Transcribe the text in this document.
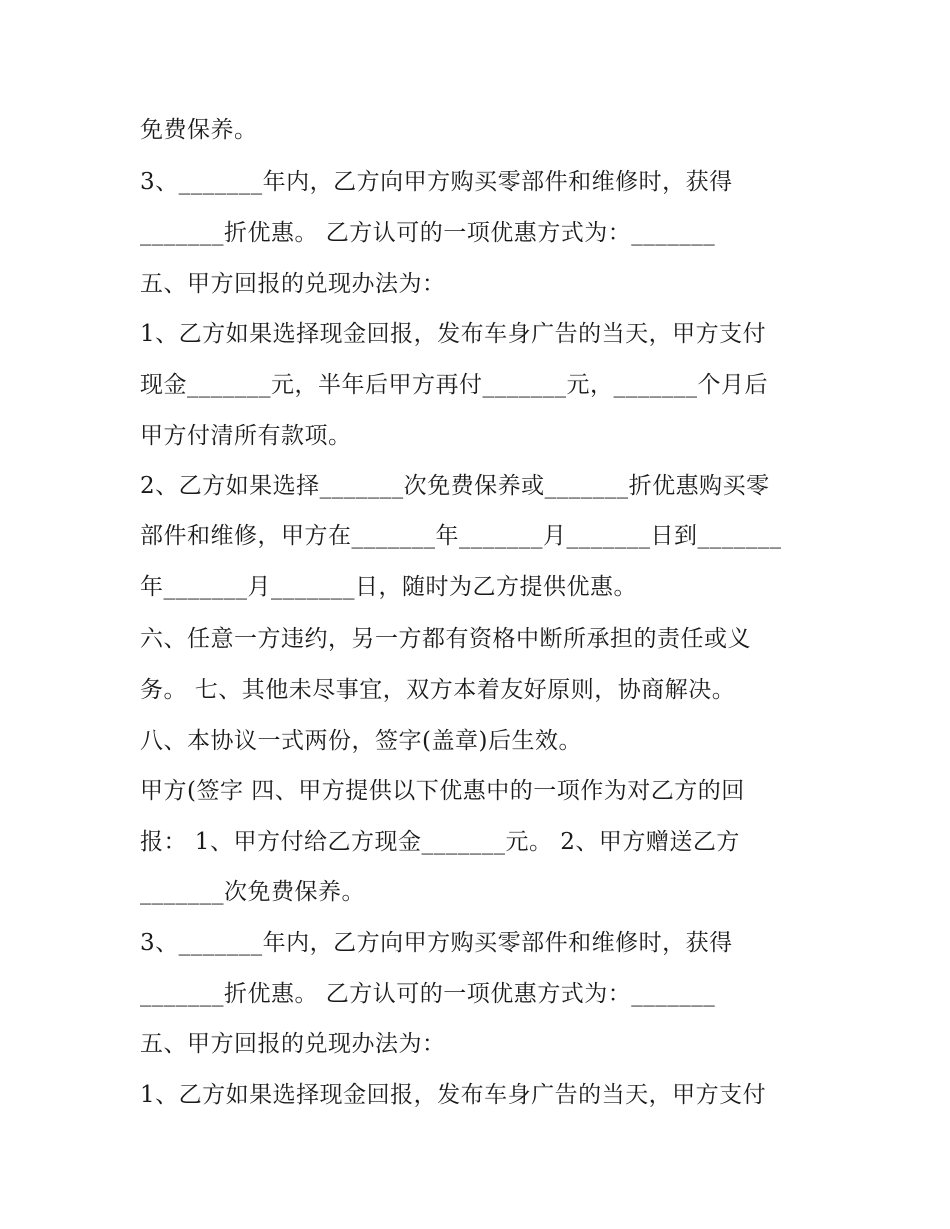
免费保养。
3、_______年内，乙方向甲方购买零部件和维修时，获得
_______折优惠。 乙方认可的一项优惠方式为：_______
五、甲方回报的兑现办法为：
1、乙方如果选择现金回报，发布车身广告的当天，甲方支付
现金_______元，半年后甲方再付_______元，_______个月后
甲方付清所有款项。
2、乙方如果选择_______次免费保养或_______折优惠购买零
部件和维修，甲方在_______年_______月_______日到_______
年_______月_______日，随时为乙方提供优惠。
六、任意一方违约，另一方都有资格中断所承担的责任或义
务。 七、其他未尽事宜，双方本着友好原则，协商解决。
八、本协议一式两份，签字(盖章)后生效。
甲方(签字 四、甲方提供以下优惠中的一项作为对乙方的回
报： 1、甲方付给乙方现金_______元。 2、甲方赠送乙方
_______次免费保养。
3、_______年内，乙方向甲方购买零部件和维修时，获得
_______折优惠。 乙方认可的一项优惠方式为：_______
五、甲方回报的兑现办法为：
1、乙方如果选择现金回报，发布车身广告的当天，甲方支付
